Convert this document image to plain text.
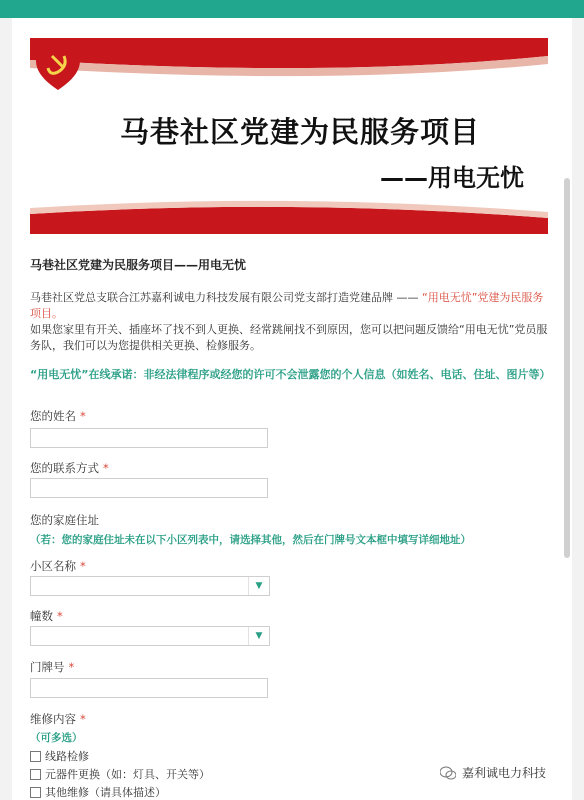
马巷社区党建为民服务项目
——用电无忧
马巷社区党建为民服务项目——用电无忧
马巷社区党总支联合江苏嘉利诚电力科技发展有限公司党支部打造党建品牌 —— “用电无忧”党建为民服务项目。
如果您家里有开关、插座坏了找不到人更换、经常跳闸找不到原因，您可以把问题反馈给“用电无忧”党员服务队，我们可以为您提供相关更换、检修服务。
“用电无忧”在线承诺：非经法律程序或经您的许可不会泄露您的个人信息（如姓名、电话、住址、图片等）
您的姓名 *
您的联系方式 *
您的家庭住址
（若：您的家庭住址未在以下小区列表中，请选择其他，然后在门牌号文本框中填写详细地址）
小区名称 *
▼
幢数 *
▼
门牌号 *
维修内容 *
（可多选）
线路检修
元器件更换（如：灯具、开关等）
其他维修（请具体描述）
嘉利诚电力科技
